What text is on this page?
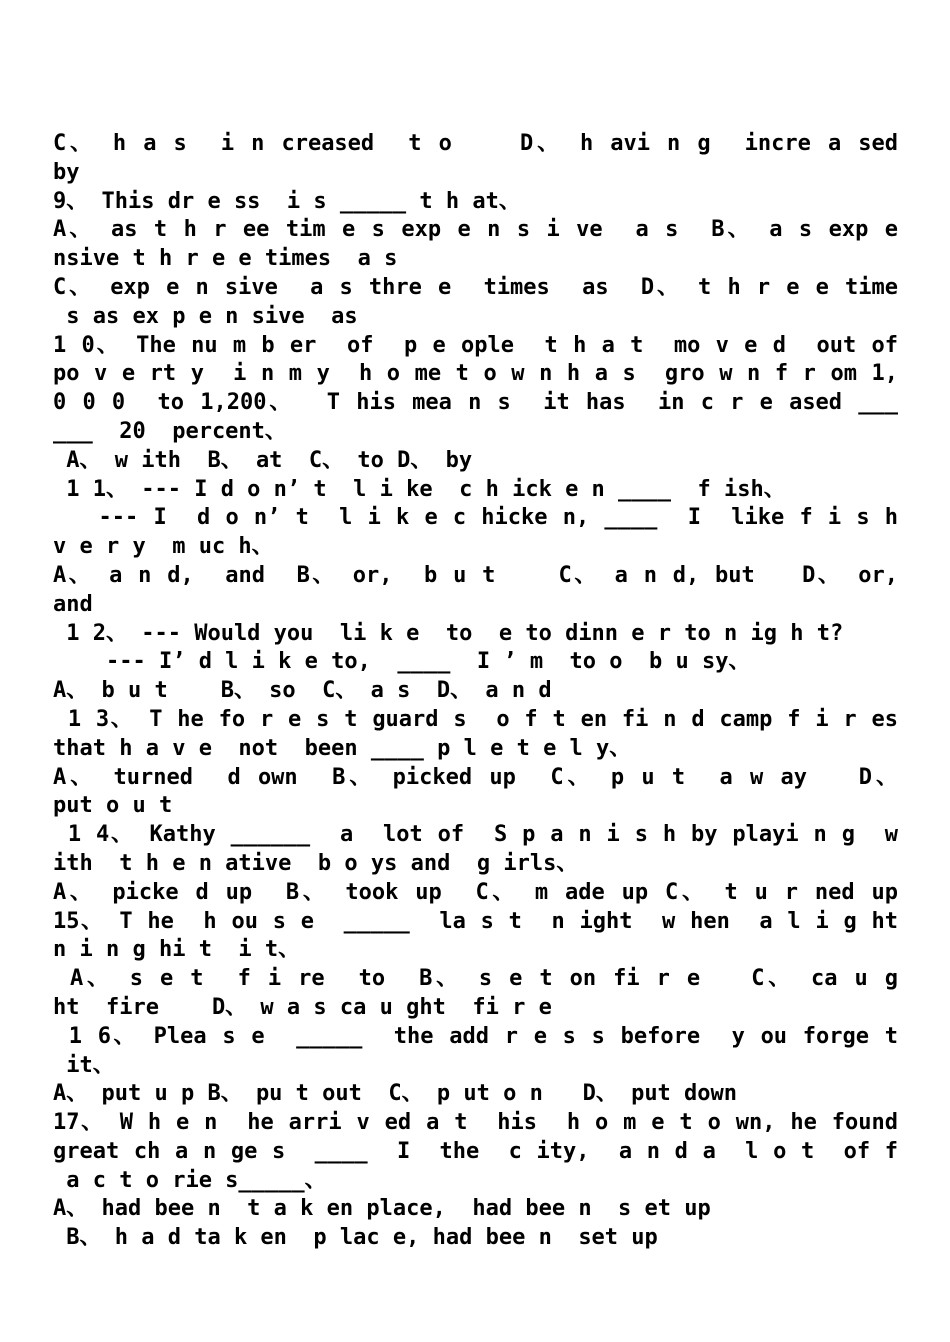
C、 h a s  i n creased  t o    D、 h avi n g  incre a sed
by
9、 This dr e ss  i s _____ t h at、
A、 as t h r ee tim e s exp e n s i ve  a s  B、 a s exp e
nsive t h r e e times  a s
C、 exp e n sive  a s thre e  times  as  D、 t h r e e time
s as ex p e n sive  as
1 0、 The nu m b er  of  p e ople  t h a t  mo v e d  out of
po v e rt y  i n m y  h o me t o w n h a s  gro w n f r om 1,
0 0 0  to 1,200、  T his mea n s  it has  in c r e ased ___
___  20  percent、
A、 w ith  B、 at  C、 to D、 by
1 1、 --- I d o n’ t  l i ke  c h ick e n ____  f ish、
--- I  d o n’ t  l i k e c hicke n, ____  I  like f i s h
v e r y  m uc h、
A、 a n d,  and  B、 or,  b u t    C、 a n d, but   D、 or,
and
1 2、 --- Would you  li k e  to  e to dinn e r to n ig h t?
--- I’ d l i k e to,  ____  I ’ m  to o  b u sy、
A、 b u t    B、 so  C、 a s  D、 a n d
1 3、 T he fo r e s t guard s  o f t en fi n d camp f i r es
that h a v e  not  been ____ p l e t e l y、
A、 turned  d own  B、 picked up  C、 p u t  a w ay   D、
put o u t
1 4、 Kathy ______  a  lot of  S p a n i s h by playi n g  w
ith  t h e n ative  b o ys and  g irls、
A、 picke d up  B、 took up  C、 m ade up C、 t u r ned up
15、 T he  h ou s e  _____  la s t  n ight  w hen  a l i g ht
n i n g hi t  i t、
A、 s e t  f i re  to  B、 s e t on fi r e   C、 ca u g
ht  fire    D、 w a s ca u ght  fi r e
1 6、 Plea s e  _____  the add r e s s before  y ou forge t
it、
A、 put u p B、 pu t out  C、 p ut o n   D、 put down
17、 W h e n  he arri v ed a t  his  h o m e t o wn, he found
great ch a n ge s  ____  I  the  c ity,  a n d a  l o t  of f
a c t o rie s_____、
A、 had bee n  t a k en place,  had bee n  s et up
B、 h a d ta k en  p lac e, had bee n  set up
